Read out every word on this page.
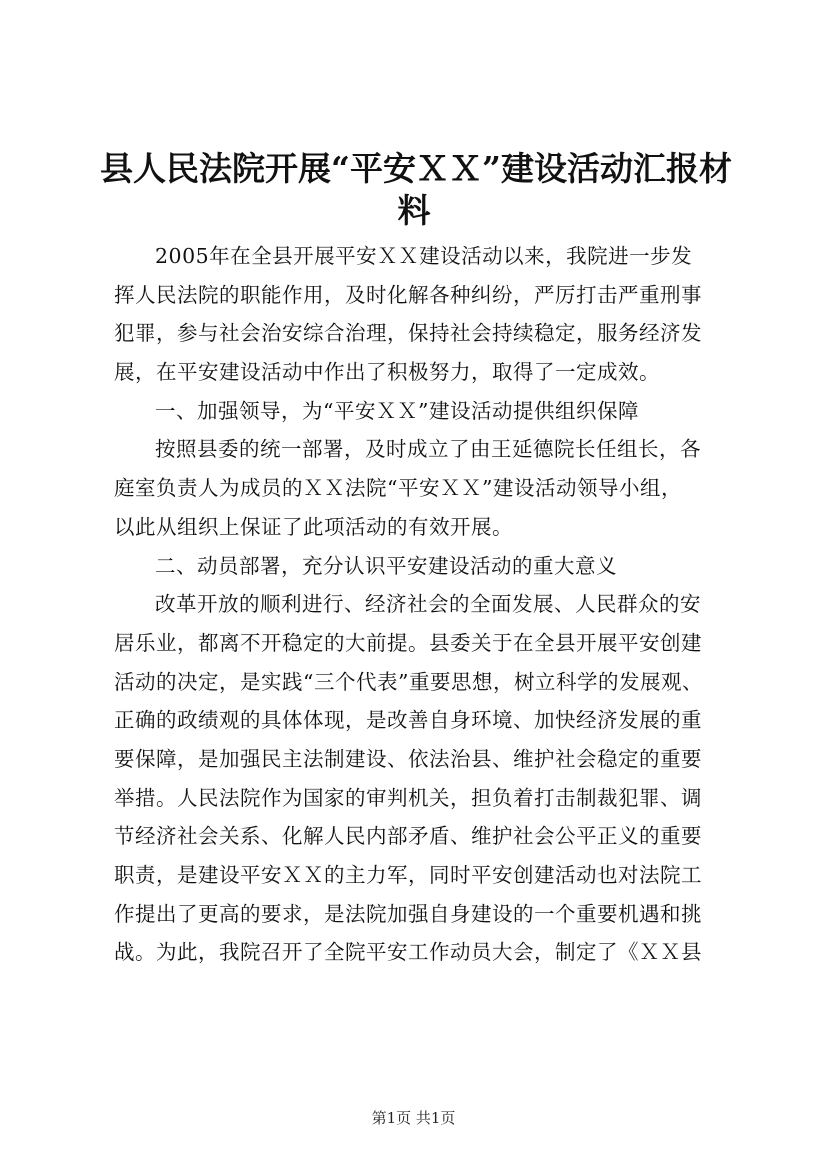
县人民法院开展“平安ＸＸ”建设活动汇报材
料
2005年在全县开展平安ＸＸ建设活动以来，我院进一步发
挥人民法院的职能作用，及时化解各种纠纷，严厉打击严重刑事
犯罪，参与社会治安综合治理，保持社会持续稳定，服务经济发
展，在平安建设活动中作出了积极努力，取得了一定成效。
一、加强领导，为“平安ＸＸ”建设活动提供组织保障
按照县委的统一部署，及时成立了由王延德院长任组长，各
庭室负责人为成员的ＸＸ法院“平安ＸＸ”建设活动领导小组，
以此从组织上保证了此项活动的有效开展。
二、动员部署，充分认识平安建设活动的重大意义
改革开放的顺利进行、经济社会的全面发展、人民群众的安
居乐业，都离不开稳定的大前提。县委关于在全县开展平安创建
活动的决定，是实践“三个代表”重要思想，树立科学的发展观、
正确的政绩观的具体体现，是改善自身环境、加快经济发展的重
要保障，是加强民主法制建设、依法治县、维护社会稳定的重要
举措。人民法院作为国家的审判机关，担负着打击制裁犯罪、调
节经济社会关系、化解人民内部矛盾、维护社会公平正义的重要
职责，是建设平安ＸＸ的主力军，同时平安创建活动也对法院工
作提出了更高的要求，是法院加强自身建设的一个重要机遇和挑
战。为此，我院召开了全院平安工作动员大会，制定了《ＸＸ县
第1页 共1页
